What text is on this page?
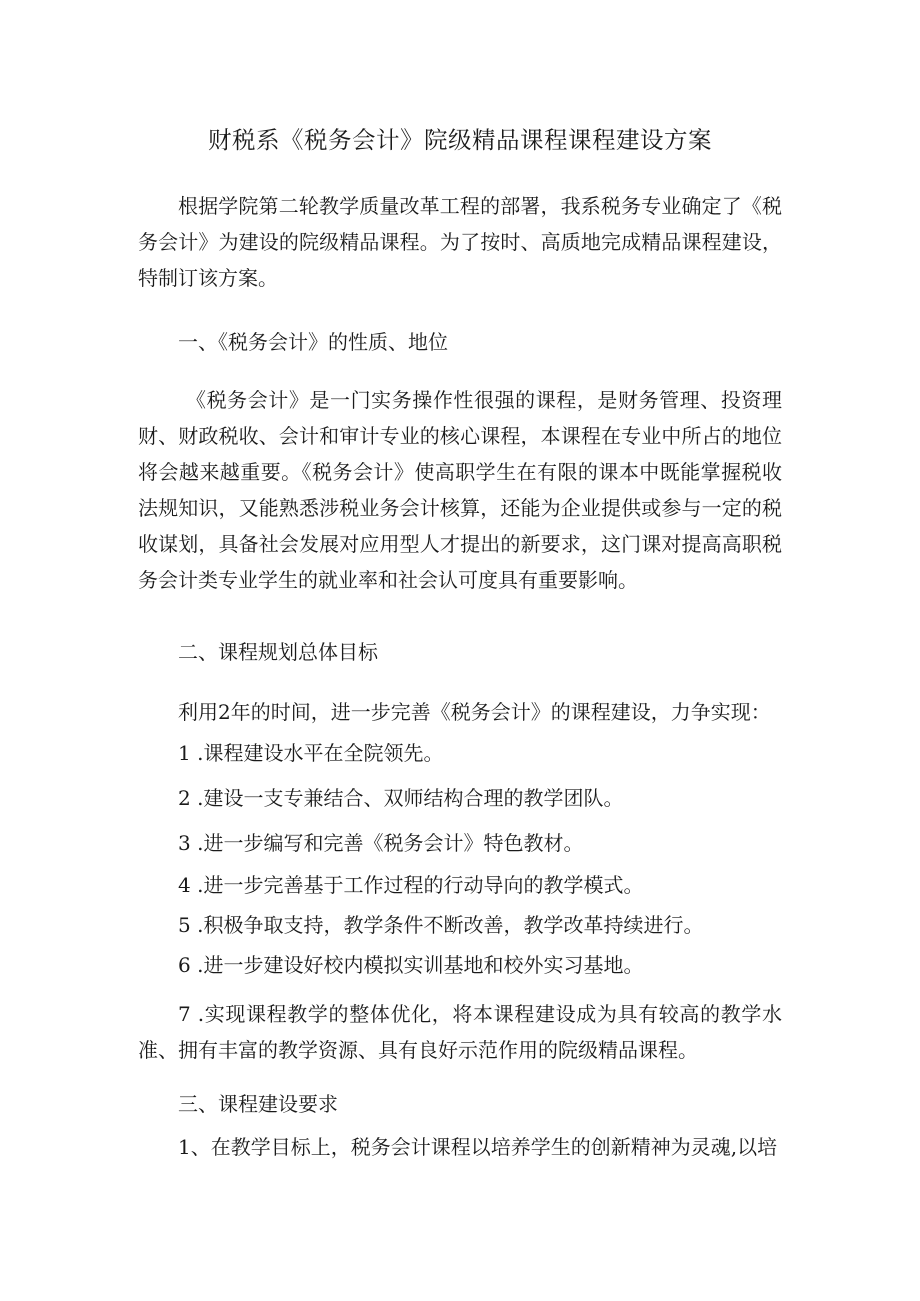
财税系《税务会计》院级精品课程课程建设方案
根据学院第二轮教学质量改革工程的部署，我系税务专业确定了《税务会计》为建设的院级精品课程。为了按时、高质地完成精品课程建设，特制订该方案。
一、《税务会计》的性质、地位
《税务会计》是一门实务操作性很强的课程，是财务管理、投资理财、财政税收、会计和审计专业的核心课程，本课程在专业中所占的地位将会越来越重要。《税务会计》使高职学生在有限的课本中既能掌握税收法规知识，又能熟悉涉税业务会计核算，还能为企业提供或参与一定的税收谋划，具备社会发展对应用型人才提出的新要求，这门课对提高高职税务会计类专业学生的就业率和社会认可度具有重要影响。
二、课程规划总体目标
利用2年的时间，进一步完善《税务会计》的课程建设，力争实现：
1 .课程建设水平在全院领先。
2 .建设一支专兼结合、双师结构合理的教学团队。
3 .进一步编写和完善《税务会计》特色教材。
4 .进一步完善基于工作过程的行动导向的教学模式。
5 .积极争取支持，教学条件不断改善，教学改革持续进行。
6 .进一步建设好校内模拟实训基地和校外实习基地。
7 .实现课程教学的整体优化，将本课程建设成为具有较高的教学水准、拥有丰富的教学资源、具有良好示范作用的院级精品课程。
三、课程建设要求
1、在教学目标上，税务会计课程以培养学生的创新精神为灵魂,以培
